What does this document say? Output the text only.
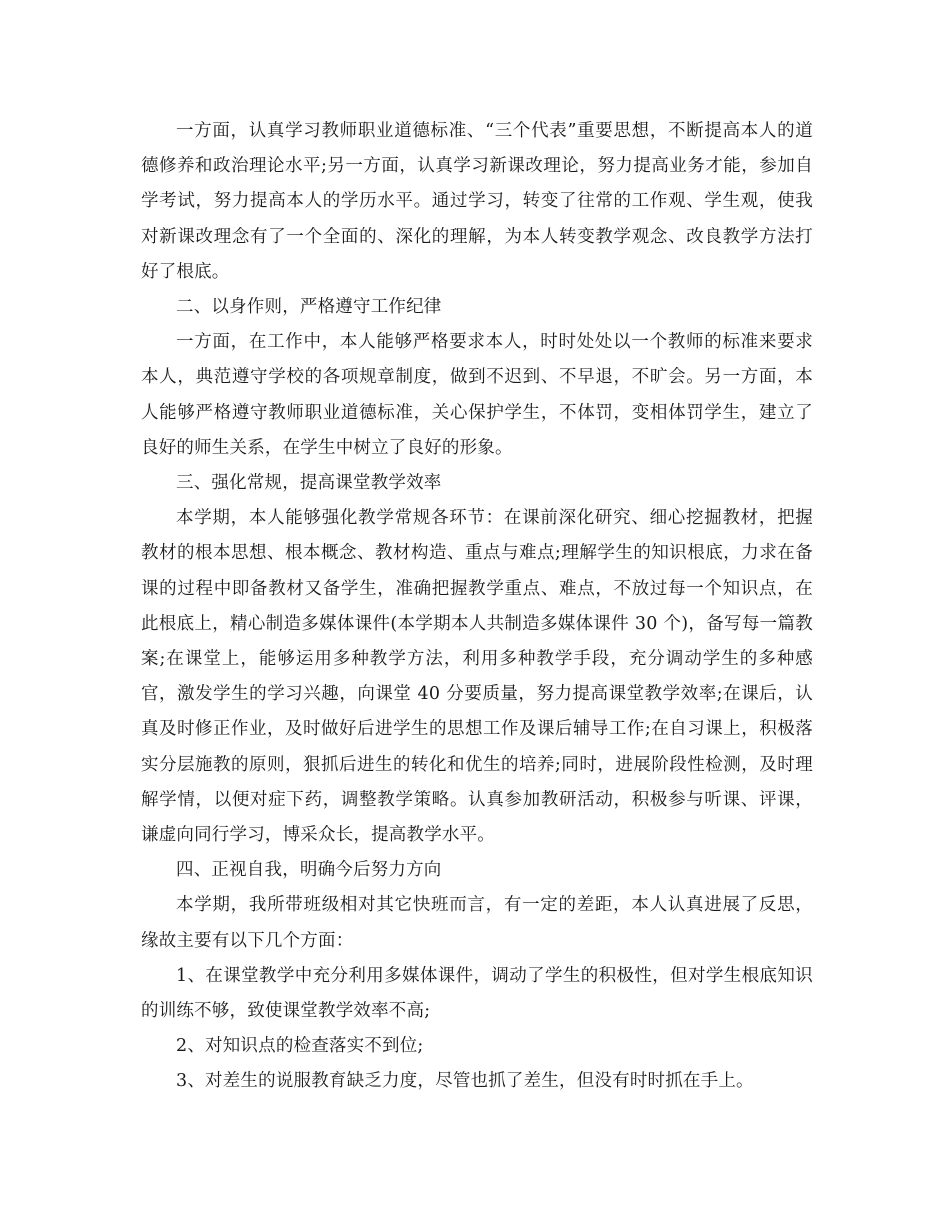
一方面，认真学习教师职业道德标准、“三个代表”重要思想，不断提高本人的道德修养和政治理论水平;另一方面，认真学习新课改理论，努力提高业务才能，参加自学考试，努力提高本人的学历水平。通过学习，转变了往常的工作观、学生观，使我对新课改理念有了一个全面的、深化的理解，为本人转变教学观念、改良教学方法打好了根底。

二、以身作则，严格遵守工作纪律

一方面，在工作中，本人能够严格要求本人，时时处处以一个教师的标准来要求本人，典范遵守学校的各项规章制度，做到不迟到、不早退，不旷会。另一方面，本人能够严格遵守教师职业道德标准，关心保护学生，不体罚，变相体罚学生，建立了良好的师生关系，在学生中树立了良好的形象。

三、强化常规，提高课堂教学效率

本学期，本人能够强化教学常规各环节：在课前深化研究、细心挖掘教材，把握教材的根本思想、根本概念、教材构造、重点与难点;理解学生的知识根底，力求在备课的过程中即备教材又备学生，准确把握教学重点、难点，不放过每一个知识点，在此根底上，精心制造多媒体课件(本学期本人共制造多媒体课件 30 个)，备写每一篇教案;在课堂上，能够运用多种教学方法，利用多种教学手段，充分调动学生的多种感官，激发学生的学习兴趣，向课堂 40 分要质量，努力提高课堂教学效率;在课后，认真及时修正作业，及时做好后进学生的思想工作及课后辅导工作;在自习课上，积极落实分层施教的原则，狠抓后进生的转化和优生的培养;同时，进展阶段性检测，及时理解学情，以便对症下药，调整教学策略。认真参加教研活动，积极参与听课、评课，谦虚向同行学习，博采众长，提高教学水平。

四、正视自我，明确今后努力方向

本学期，我所带班级相对其它快班而言，有一定的差距，本人认真进展了反思，缘故主要有以下几个方面：

1、在课堂教学中充分利用多媒体课件，调动了学生的积极性，但对学生根底知识的训练不够，致使课堂教学效率不高;

2、对知识点的检查落实不到位;

3、对差生的说服教育缺乏力度，尽管也抓了差生，但没有时时抓在手上。
